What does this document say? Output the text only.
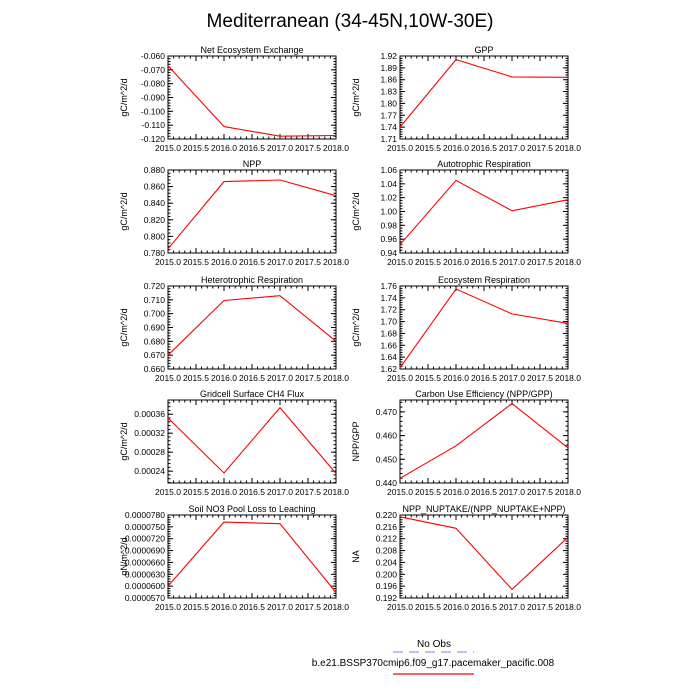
Mediterranean (34-45N,10W-30E)
Net Ecosystem Exchange
gC/m^2/d
2015.0 2015.5 2016.0 2016.5 2017.0 2017.5 2018.0
-0.120
-0.110
-0.100
-0.090
-0.080
-0.070
-0.060
GPP
gC/m^2/d
2015.0 2015.5 2016.0 2016.5 2017.0 2017.5 2018.0
1.71
1.74
1.77
1.80
1.83
1.86
1.89
1.92
NPP
gC/m^2/d
2015.0 2015.5 2016.0 2016.5 2017.0 2017.5 2018.0
0.780
0.800
0.820
0.840
0.860
0.880
Autotrophic Respiration
gC/m^2/d
2015.0 2015.5 2016.0 2016.5 2017.0 2017.5 2018.0
0.94
0.96
0.98
1.00
1.02
1.04
1.06
Heterotrophic Respiration
gC/m^2/d
2015.0 2015.5 2016.0 2016.5 2017.0 2017.5 2018.0
0.660
0.670
0.680
0.690
0.700
0.710
0.720
Ecosystem Respiration
gC/m^2/d
2015.0 2015.5 2016.0 2016.5 2017.0 2017.5 2018.0
1.62
1.64
1.66
1.68
1.70
1.72
1.74
1.76
Gridcell Surface CH4 Flux
gC/m^2/d
2015.0 2015.5 2016.0 2016.5 2017.0 2017.5 2018.0
0.00024
0.00028
0.00032
0.00036
Carbon Use Efficiency (NPP/GPP)
NPP/GPP
2015.0 2015.5 2016.0 2016.5 2017.0 2017.5 2018.0
0.440
0.450
0.460
0.470
Soil NO3 Pool Loss to Leaching
gN/m^2/d
2015.0 2015.5 2016.0 2016.5 2017.0 2017.5 2018.0
0.0000570
0.0000600
0.0000630
0.0000660
0.0000690
0.0000720
0.0000750
0.0000780
NPP_NUPTAKE/(NPP_NUPTAKE+NPP)
NA
2015.0 2015.5 2016.0 2016.5 2017.0 2017.5 2018.0
0.192
0.196
0.200
0.204
0.208
0.212
0.216
0.220
No Obs
b.e21.BSSP370cmip6.f09_g17.pacemaker_pacific.008
